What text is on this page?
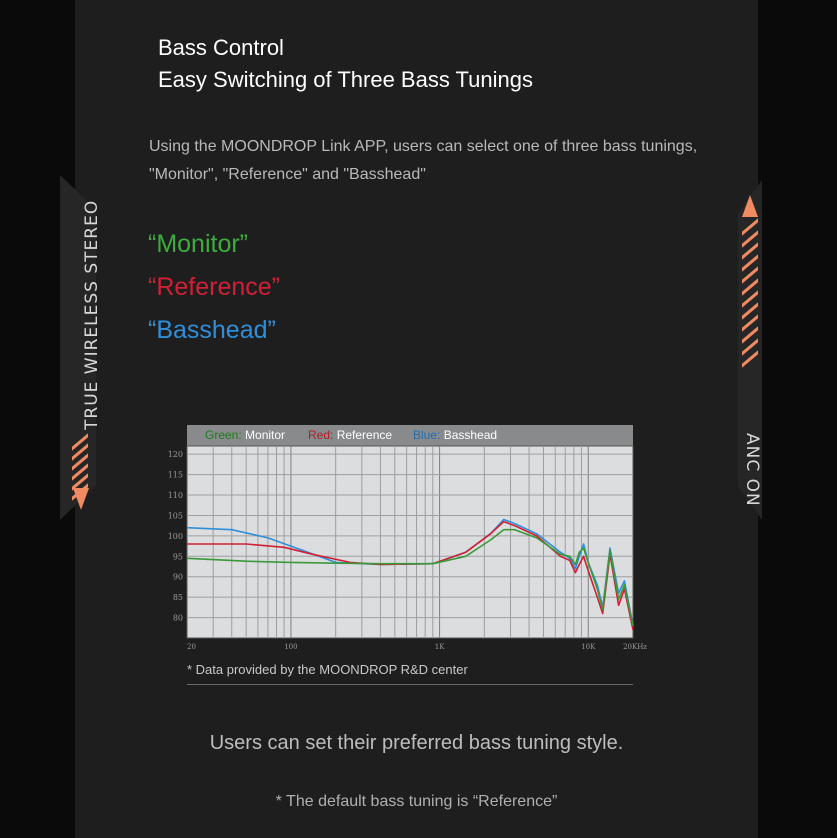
TRUE WIRELESS STEREO
ANC ON
Bass Control
Easy Switching of Three Bass Tunings
Using the MOONDROP Link APP, users can select one of three bass tunings, "Monitor", "Reference" and "Basshead"
“Monitor”
“Reference”
“Basshead”
Green: Monitor Red: Reference Blue: Basshead
80
85
90
95
100
105
110
115
120
20	100	1K	10K	20KHz
* Data provided by the MOONDROP R&D center
Users can set their preferred bass tuning style.
* The default bass tuning is “Reference”
